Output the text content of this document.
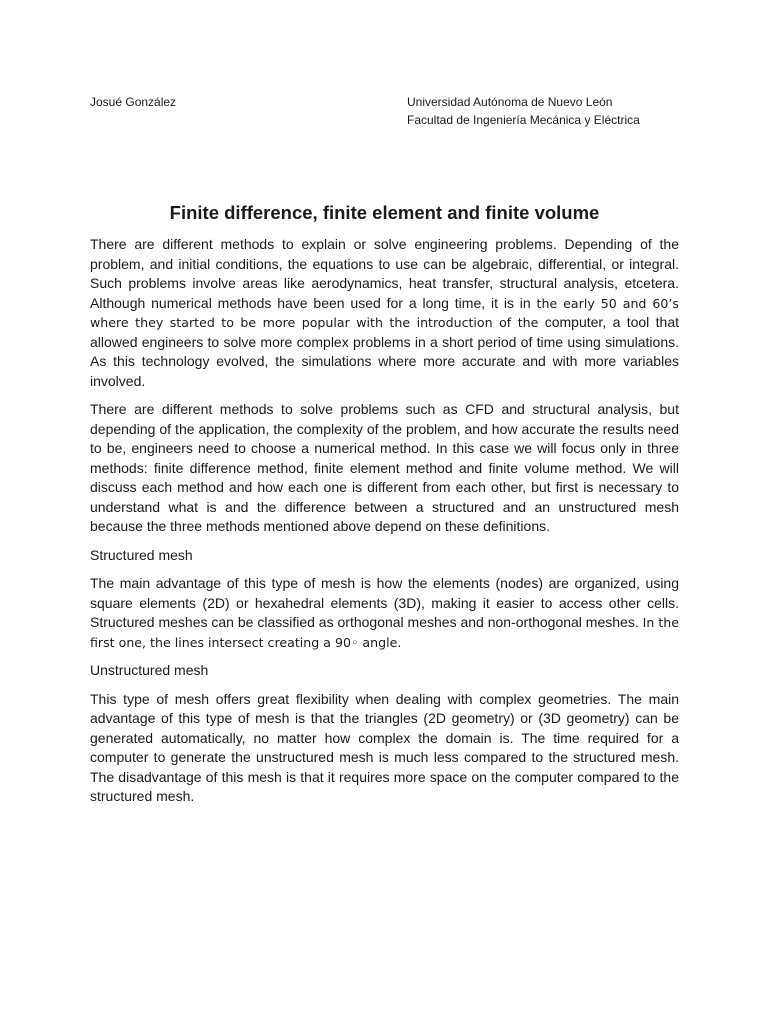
Josué González	Universidad Autónoma de Nuevo León
Facultad de Ingeniería Mecánica y Eléctrica
Finite difference, finite element and finite volume

There are different methods to explain or solve engineering problems. Depending of the problem, and initial conditions, the equations to use can be algebraic, differential, or integral. Such problems involve areas like aerodynamics, heat transfer, structural analysis, etcetera. Although numerical methods have been used for a long time, it is in the early 50 and 60’s where they started to be more popular with the introduction of the computer, a tool that allowed engineers to solve more complex problems in a short period of time using simulations. As this technology evolved, the simulations where more accurate and with more variables involved.

There are different methods to solve problems such as CFD and structural analysis, but depending of the application, the complexity of the problem, and how accurate the results need to be, engineers need to choose a numerical method. In this case we will focus only in three methods: finite difference method, finite element method and finite volume method. We will discuss each method and how each one is different from each other, but first is necessary to understand what is and the difference between a structured and an unstructured mesh because the three methods mentioned above depend on these definitions.

Structured mesh

The main advantage of this type of mesh is how the elements (nodes) are organized, using square elements (2D) or hexahedral elements (3D), making it easier to access other cells. Structured meshes can be classified as orthogonal meshes and non-orthogonal meshes. In the first one, the lines intersect creating a 90◦ angle.

Unstructured mesh

This type of mesh offers great flexibility when dealing with complex geometries. The main advantage of this type of mesh is that the triangles (2D geometry) or (3D geometry) can be generated automatically, no matter how complex the domain is. The time required for a computer to generate the unstructured mesh is much less compared to the structured mesh. The disadvantage of this mesh is that it requires more space on the computer compared to the structured mesh.
